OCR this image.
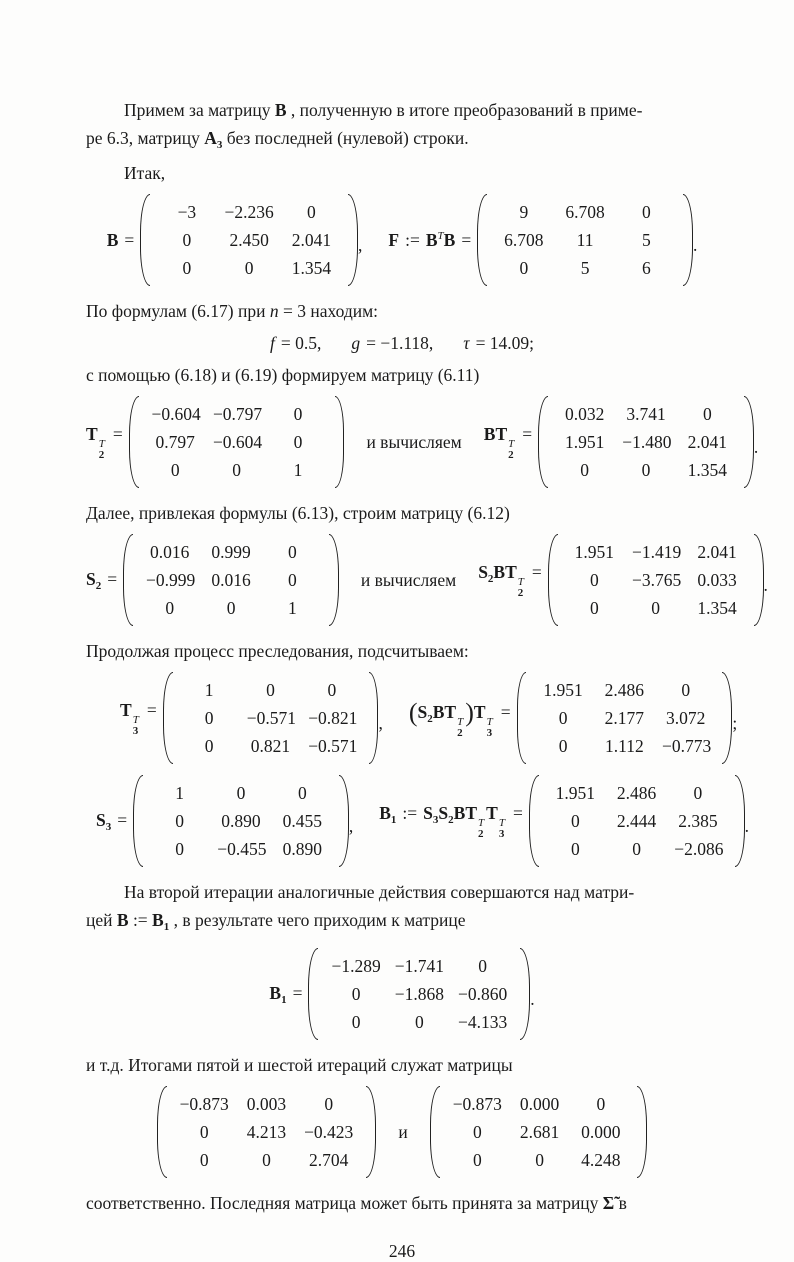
Примем за матрицу B , полученную в итоге преобразований в приме-

ре 6.3, матрицу $A_3$ без последней (нулевой) строки.

Итак,

B =
−3	−2.236	0
0	2.450	2.041
0	0	1.354
, F := $B^TB$ =
9	6.708	0
6.708	11	5
0	5	6
.

По формулам (6.17) при n = 3 находим:

f = 0.5, g = −1.118, τ = 14.09;

с помощью (6.18) и (6.19) формируем матрицу (6.11)

T T
2
=
−0.604 −0.797	0
0.797	−0.604	0
0	0	1
и вычисляем BT T
2
=
0.032	3.741	0
1.951	−1.480 2.041
0	0	1.354
.

Далее, привлекая формулы (6.13), строим матрицу (6.12)

$S_2$ =
0.016	0.999	0
−0.999 0.016	0
0	0	1
и вычисляем $S_2BT$ T
2
=
1.951	−1.419 2.041
0	−3.765 0.033
0	0	1.354
.

Продолжая процесс преследования, подсчитываем:

T T
3
=
1	0	0
0	−0.571 −0.821
0	0.821	−0.571
, ($S_2BT$ T
2
)T T
3
=
1.951	2.486	0
0	2.177	3.072
0	1.112	−0.773
;
$S_3$ =
1	0	0
0	0.890	0.455
0	−0.455 0.890
,
$B_1$ := $S_3S_2BT$ T
2
T T
3
=
1.951	2.486	0
0	2.444	2.385
0	0	−2.086
.

На второй итерации аналогичные действия совершаются над матри-

цей B := $B_1$ , в результате чего приходим к матрице

$B_1$ =
−1.289 −1.741	0
0	−1.868 −0.860
0	0	−4.133
.

и т.д. Итогами пятой и шестой итераций служат матрицы

−0.873	0.003	0
0	4.213	−0.423
0	0	2.704
и
−0.873	0.000	0
0	2.681	0.000
0	0	4.248

соответственно. Последняя матрица может быть принята за матрицу Σ̃ в

246
